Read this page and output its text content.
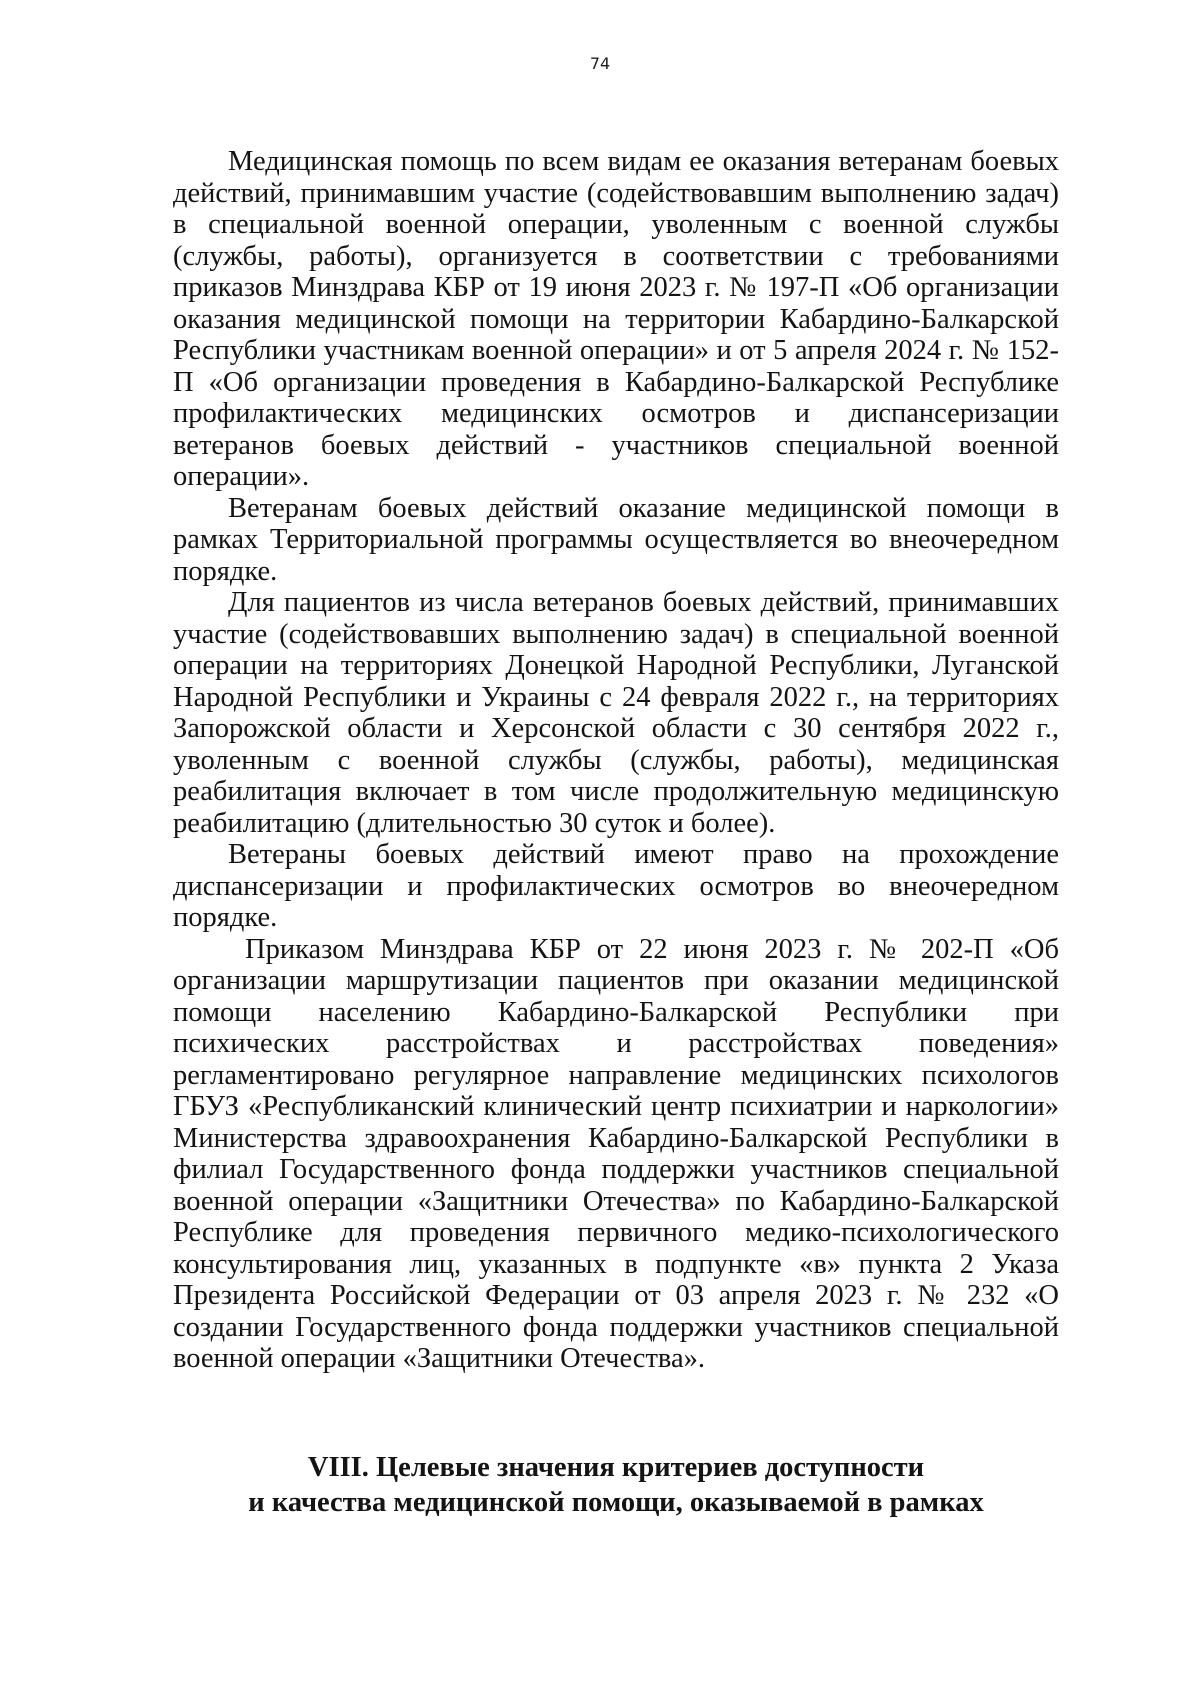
74

Медицинская помощь по всем видам ее оказания ветеранам боевых действий, принимавшим участие (содействовавшим выполнению задач) в специальной военной операции, уволенным с военной службы (службы, работы), организуется в соответствии с требованиями приказов Минздрава КБР от 19 июня 2023 г. № 197-П «Об организации оказания медицинской помощи на территории Кабардино-Балкарской Республики участникам военной операции» и от 5 апреля 2024 г. № 152-П «Об организации проведения в Кабардино-Балкарской Республике профилактических медицинских осмотров и диспансеризации ветеранов боевых действий - участников специальной военной операции».

Ветеранам боевых действий оказание медицинской помощи в рамках Территориальной программы осуществляется во внеочередном порядке.

Для пациентов из числа ветеранов боевых действий, принимавших участие (содействовавших выполнению задач) в специальной военной операции на территориях Донецкой Народной Республики, Луганской Народной Республики и Украины с 24 февраля 2022 г., на территориях Запорожской области и Херсонской области с 30 сентября 2022 г., уволенным с военной службы (службы, работы), медицинская реабилитация включает в том числе продолжительную медицинскую реабилитацию (длительностью 30 суток и более).

Ветераны боевых действий имеют право на прохождение диспансеризации и профилактических осмотров во внеочередном порядке.

Приказом Минздрава КБР от 22 июня 2023 г. № 202-П «Об организации маршрутизации пациентов при оказании медицинской помощи населению Кабардино-Балкарской Республики при психических расстройствах и расстройствах поведения» регламентировано регулярное направление медицинских психологов ГБУЗ «Республиканский клинический центр психиатрии и наркологии» Министерства здравоохранения Кабардино-Балкарской Республики в филиал Государственного фонда поддержки участников специальной военной операции «Защитники Отечества» по Кабардино-Балкарской Республике для проведения первичного медико-психологического консультирования лиц, указанных в подпункте «в» пункта 2 Указа Президента Российской Федерации от 03 апреля 2023 г. № 232 «О создании Государственного фонда поддержки участников специальной военной операции «Защитники Отечества».

VIII. Целевые значения критериев доступности
и качества медицинской помощи, оказываемой в рамках
